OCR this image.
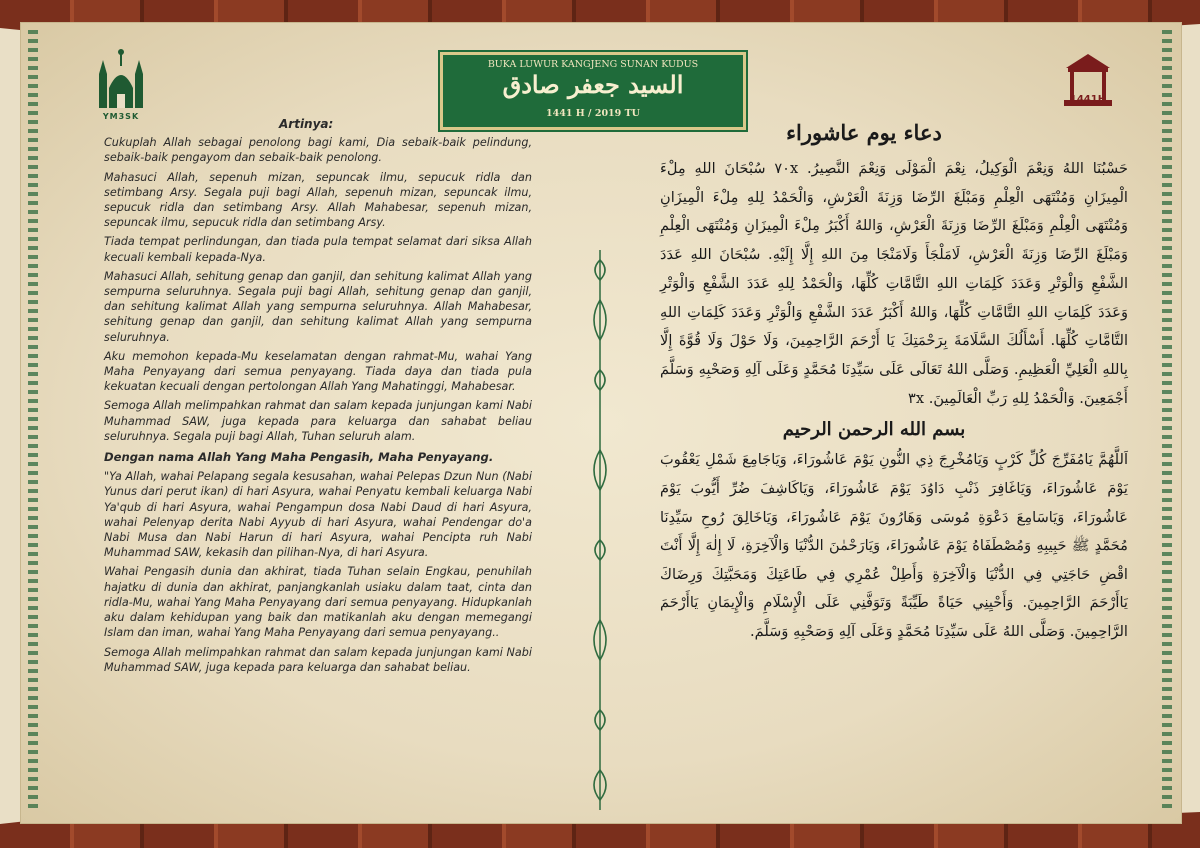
YM3SK
1441H
BUKA LUWUR KANGJENG SUNAN KUDUS
السيد جعفر صادق
1441 H / 2019 TU

Artinya:

Cukuplah Allah sebagai penolong bagi kami, Dia sebaik-baik pelindung, sebaik-baik pengayom dan sebaik-baik penolong.

Mahasuci Allah, sepenuh mizan, sepuncak ilmu, sepucuk ridla dan setimbang Arsy. Segala puji bagi Allah, sepenuh mizan, sepuncak ilmu, sepucuk ridla dan setimbang Arsy. Allah Mahabesar, sepenuh mizan, sepuncak ilmu, sepucuk ridla dan setimbang Arsy.

Tiada tempat perlindungan, dan tiada pula tempat selamat dari siksa Allah kecuali kembali kepada-Nya.

Mahasuci Allah, sehitung genap dan ganjil, dan sehitung kalimat Allah yang sempurna seluruhnya. Segala puji bagi Allah, sehitung genap dan ganjil, dan sehitung kalimat Allah yang sempurna seluruhnya. Allah Mahabesar, sehitung genap dan ganjil, dan sehitung kalimat Allah yang sempurna seluruhnya.

Aku memohon kepada-Mu keselamatan dengan rahmat-Mu, wahai Yang Maha Penyayang dari semua penyayang. Tiada daya dan tiada pula kekuatan kecuali dengan pertolongan Allah Yang Mahatinggi, Mahabesar.

Semoga Allah melimpahkan rahmat dan salam kepada junjungan kami Nabi Muhammad SAW, juga kepada para keluarga dan sahabat beliau seluruhnya. Segala puji bagi Allah, Tuhan seluruh alam.

Dengan nama Allah Yang Maha Pengasih, Maha Penyayang.

"Ya Allah, wahai Pelapang segala kesusahan, wahai Pelepas Dzun Nun (Nabi Yunus dari perut ikan) di hari Asyura, wahai Penyatu kembali keluarga Nabi Ya'qub di hari Asyura, wahai Pengampun dosa Nabi Daud di hari Asyura, wahai Pelenyap derita Nabi Ayyub di hari Asyura, wahai Pendengar do'a Nabi Musa dan Nabi Harun di hari Asyura, wahai Pencipta ruh Nabi Muhammad SAW, kekasih dan pilihan-Nya, di hari Asyura.

Wahai Pengasih dunia dan akhirat, tiada Tuhan selain Engkau, penuhilah hajatku di dunia dan akhirat, panjangkanlah usiaku dalam taat, cinta dan ridla-Mu, wahai Yang Maha Penyayang dari semua penyayang. Hidupkanlah aku dalam kehidupan yang baik dan matikanlah aku dengan memegangi Islam dan iman, wahai Yang Maha Penyayang dari semua penyayang..

Semoga Allah melimpahkan rahmat dan salam kepada junjungan kami Nabi Muhammad SAW, juga kepada para keluarga dan sahabat beliau.

دعاء يوم عاشوراء
حَسْبُنَا اللهُ وَنِعْمَ الْوَكِيلُ، نِعْمَ الْمَوْلَى وَنِعْمَ النَّصِيرُ. ٧٠x سُبْحَانَ اللهِ مِلْءَ الْمِيزَانِ وَمُنْتَهَى الْعِلْمِ وَمَبْلَغَ الرِّضَا وَزِنَةَ الْعَرْشِ، وَالْحَمْدُ لِلهِ مِلْءَ الْمِيزَانِ وَمُنْتَهَى الْعِلْمِ وَمَبْلَغَ الرِّضَا وَزِنَةَ الْعَرْشِ، وَاللهُ أَكْبَرُ مِلْءَ الْمِيزَانِ وَمُنْتَهَى الْعِلْمِ وَمَبْلَغَ الرِّضَا وَزِنَةَ الْعَرْشِ، لَامَلْجَأَ وَلَامَنْجَا مِنَ اللهِ إِلَّا إِلَيْهِ. سُبْحَانَ اللهِ عَدَدَ الشَّفْعِ وَالْوَتْرِ وَعَدَدَ كَلِمَاتِ اللهِ التَّامَّاتِ كُلِّهَا، وَالْحَمْدُ لِلهِ عَدَدَ الشَّفْعِ وَالْوَتْرِ وَعَدَدَ كَلِمَاتِ اللهِ التَّامَّاتِ كُلِّهَا، وَاللهُ أَكْبَرُ عَدَدَ الشَّفْعِ وَالْوَتْرِ وَعَدَدَ كَلِمَاتِ اللهِ التَّامَّاتِ كُلِّهَا. أَسْأَلُكَ السَّلَامَةَ بِرَحْمَتِكَ يَا أَرْحَمَ الرَّاحِمِينَ، وَلَا حَوْلَ وَلَا قُوَّةَ إِلَّا بِاللهِ الْعَلِيِّ الْعَظِيمِ. وَصَلَّى اللهُ تَعَالَى عَلَى سَيِّدِنَا مُحَمَّدٍ وَعَلَى آلِهِ وَصَحْبِهِ وَسَلَّمَ أَجْمَعِينَ. وَالْحَمْدُ لِلهِ رَبِّ الْعَالَمِينَ. ٣x
بسم الله الرحمن الرحيم
اَللَّهُمَّ يَامُفَرِّجَ كُلِّ كَرْبٍ وَيَامُخْرِجَ ذِي النُّونِ يَوْمَ عَاشُورَاءَ، وَيَاجَامِعَ شَمْلِ يَعْقُوبَ يَوْمَ عَاشُورَاءَ، وَيَاغَافِرَ ذَنْبِ دَاوُدَ يَوْمَ عَاشُورَاءَ، وَيَاكَاشِفَ ضُرِّ أَيُّوبَ يَوْمَ عَاشُورَاءَ، وَيَاسَامِعَ دَعْوَةِ مُوسَى وَهَارُونَ يَوْمَ عَاشُورَاءَ، وَيَاخَالِقَ رُوحِ سَيِّدِنَا مُحَمَّدٍ ﷺ حَبِيبِهِ وَمُصْطَفَاهُ يَوْمَ عَاشُورَاءَ، وَيَارَحْمٰنَ الدُّنْيَا وَالْآخِرَةِ، لَا إِلٰهَ إِلَّا أَنْتَ اقْضِ حَاجَتِي فِي الدُّنْيَا وَالْآخِرَةِ وَأَطِلْ عُمْرِي فِي طَاعَتِكَ وَمَحَبَّتِكَ وَرِضَاكَ يَاأَرْحَمَ الرَّاحِمِينَ. وَأَحْيِنِي حَيَاةً طَيِّبَةً وَتَوَفَّنِي عَلَى الْإِسْلَامِ وَالْإِيمَانِ يَاأَرْحَمَ الرَّاحِمِينَ. وَصَلَّى اللهُ عَلَى سَيِّدِنَا مُحَمَّدٍ وَعَلَى آلِهِ وَصَحْبِهِ وَسَلَّمَ.
